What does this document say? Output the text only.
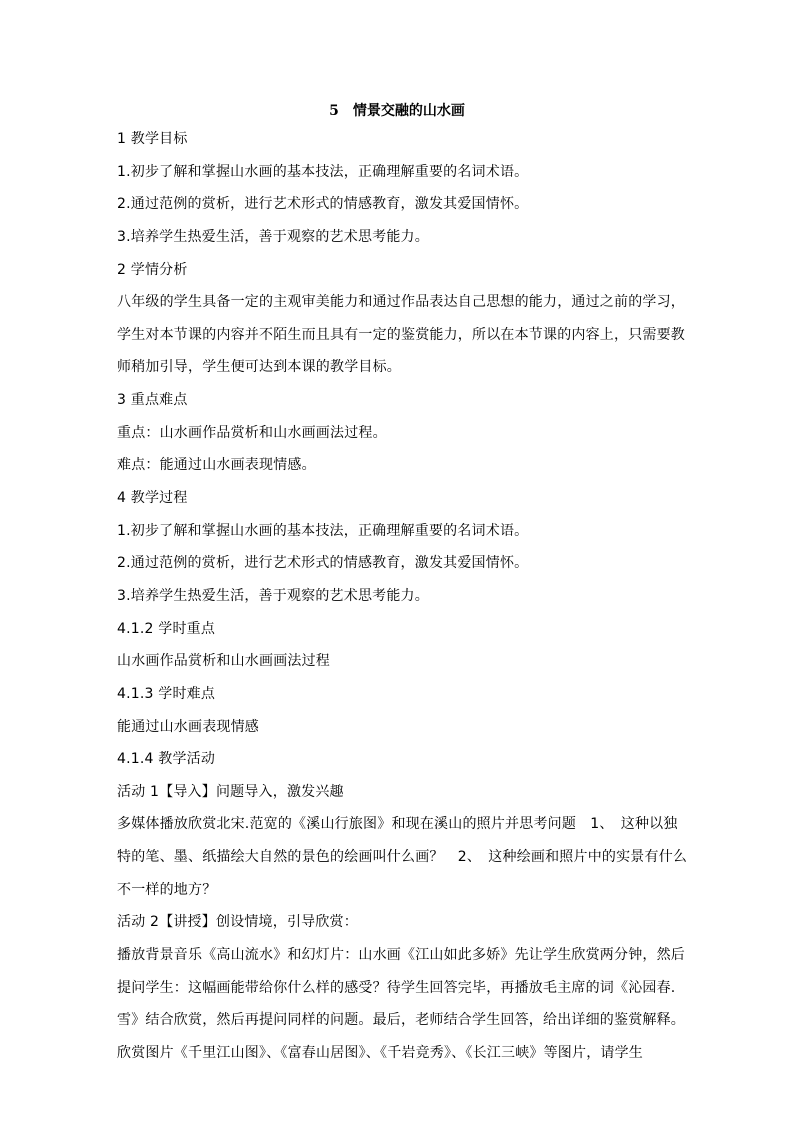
5　情景交融的山水画
1 教学目标
1.初步了解和掌握山水画的基本技法，正确理解重要的名词术语。
2.通过范例的赏析，进行艺术形式的情感教育，激发其爱国情怀。
3.培养学生热爱生活，善于观察的艺术思考能力。
2 学情分析
八年级的学生具备一定的主观审美能力和通过作品表达自己思想的能力，通过之前的学习，
学生对本节课的内容并不陌生而且具有一定的鉴赏能力，所以在本节课的内容上，只需要教
师稍加引导，学生便可达到本课的教学目标。
3 重点难点
重点：山水画作品赏析和山水画画法过程。
难点：能通过山水画表现情感。
4 教学过程
1.初步了解和掌握山水画的基本技法，正确理解重要的名词术语。
2.通过范例的赏析，进行艺术形式的情感教育，激发其爱国情怀。
3.培养学生热爱生活，善于观察的艺术思考能力。
4.1.2 学时重点
山水画作品赏析和山水画画法过程
4.1.3 学时难点
能通过山水画表现情感
4.1.4 教学活动
活动 1【导入】问题导入，激发兴趣
多媒体播放欣赏北宋.范宽的《溪山行旅图》和现在溪山的照片并思考问题　1、　这种以独
特的笔、墨、纸描绘大自然的景色的绘画叫什么画？　2、　这种绘画和照片中的实景有什么
不一样的地方？
活动 2【讲授】创设情境，引导欣赏：
播放背景音乐《高山流水》和幻灯片：山水画《江山如此多娇》先让学生欣赏两分钟，然后
提问学生：这幅画能带给你什么样的感受？待学生回答完毕，再播放毛主席的词《沁园春.
雪》结合欣赏，然后再提问同样的问题。最后，老师结合学生回答，给出详细的鉴赏解释。
欣赏图片《千里江山图》、《富春山居图》、《千岩竞秀》、《长江三峡》等图片，请学生
